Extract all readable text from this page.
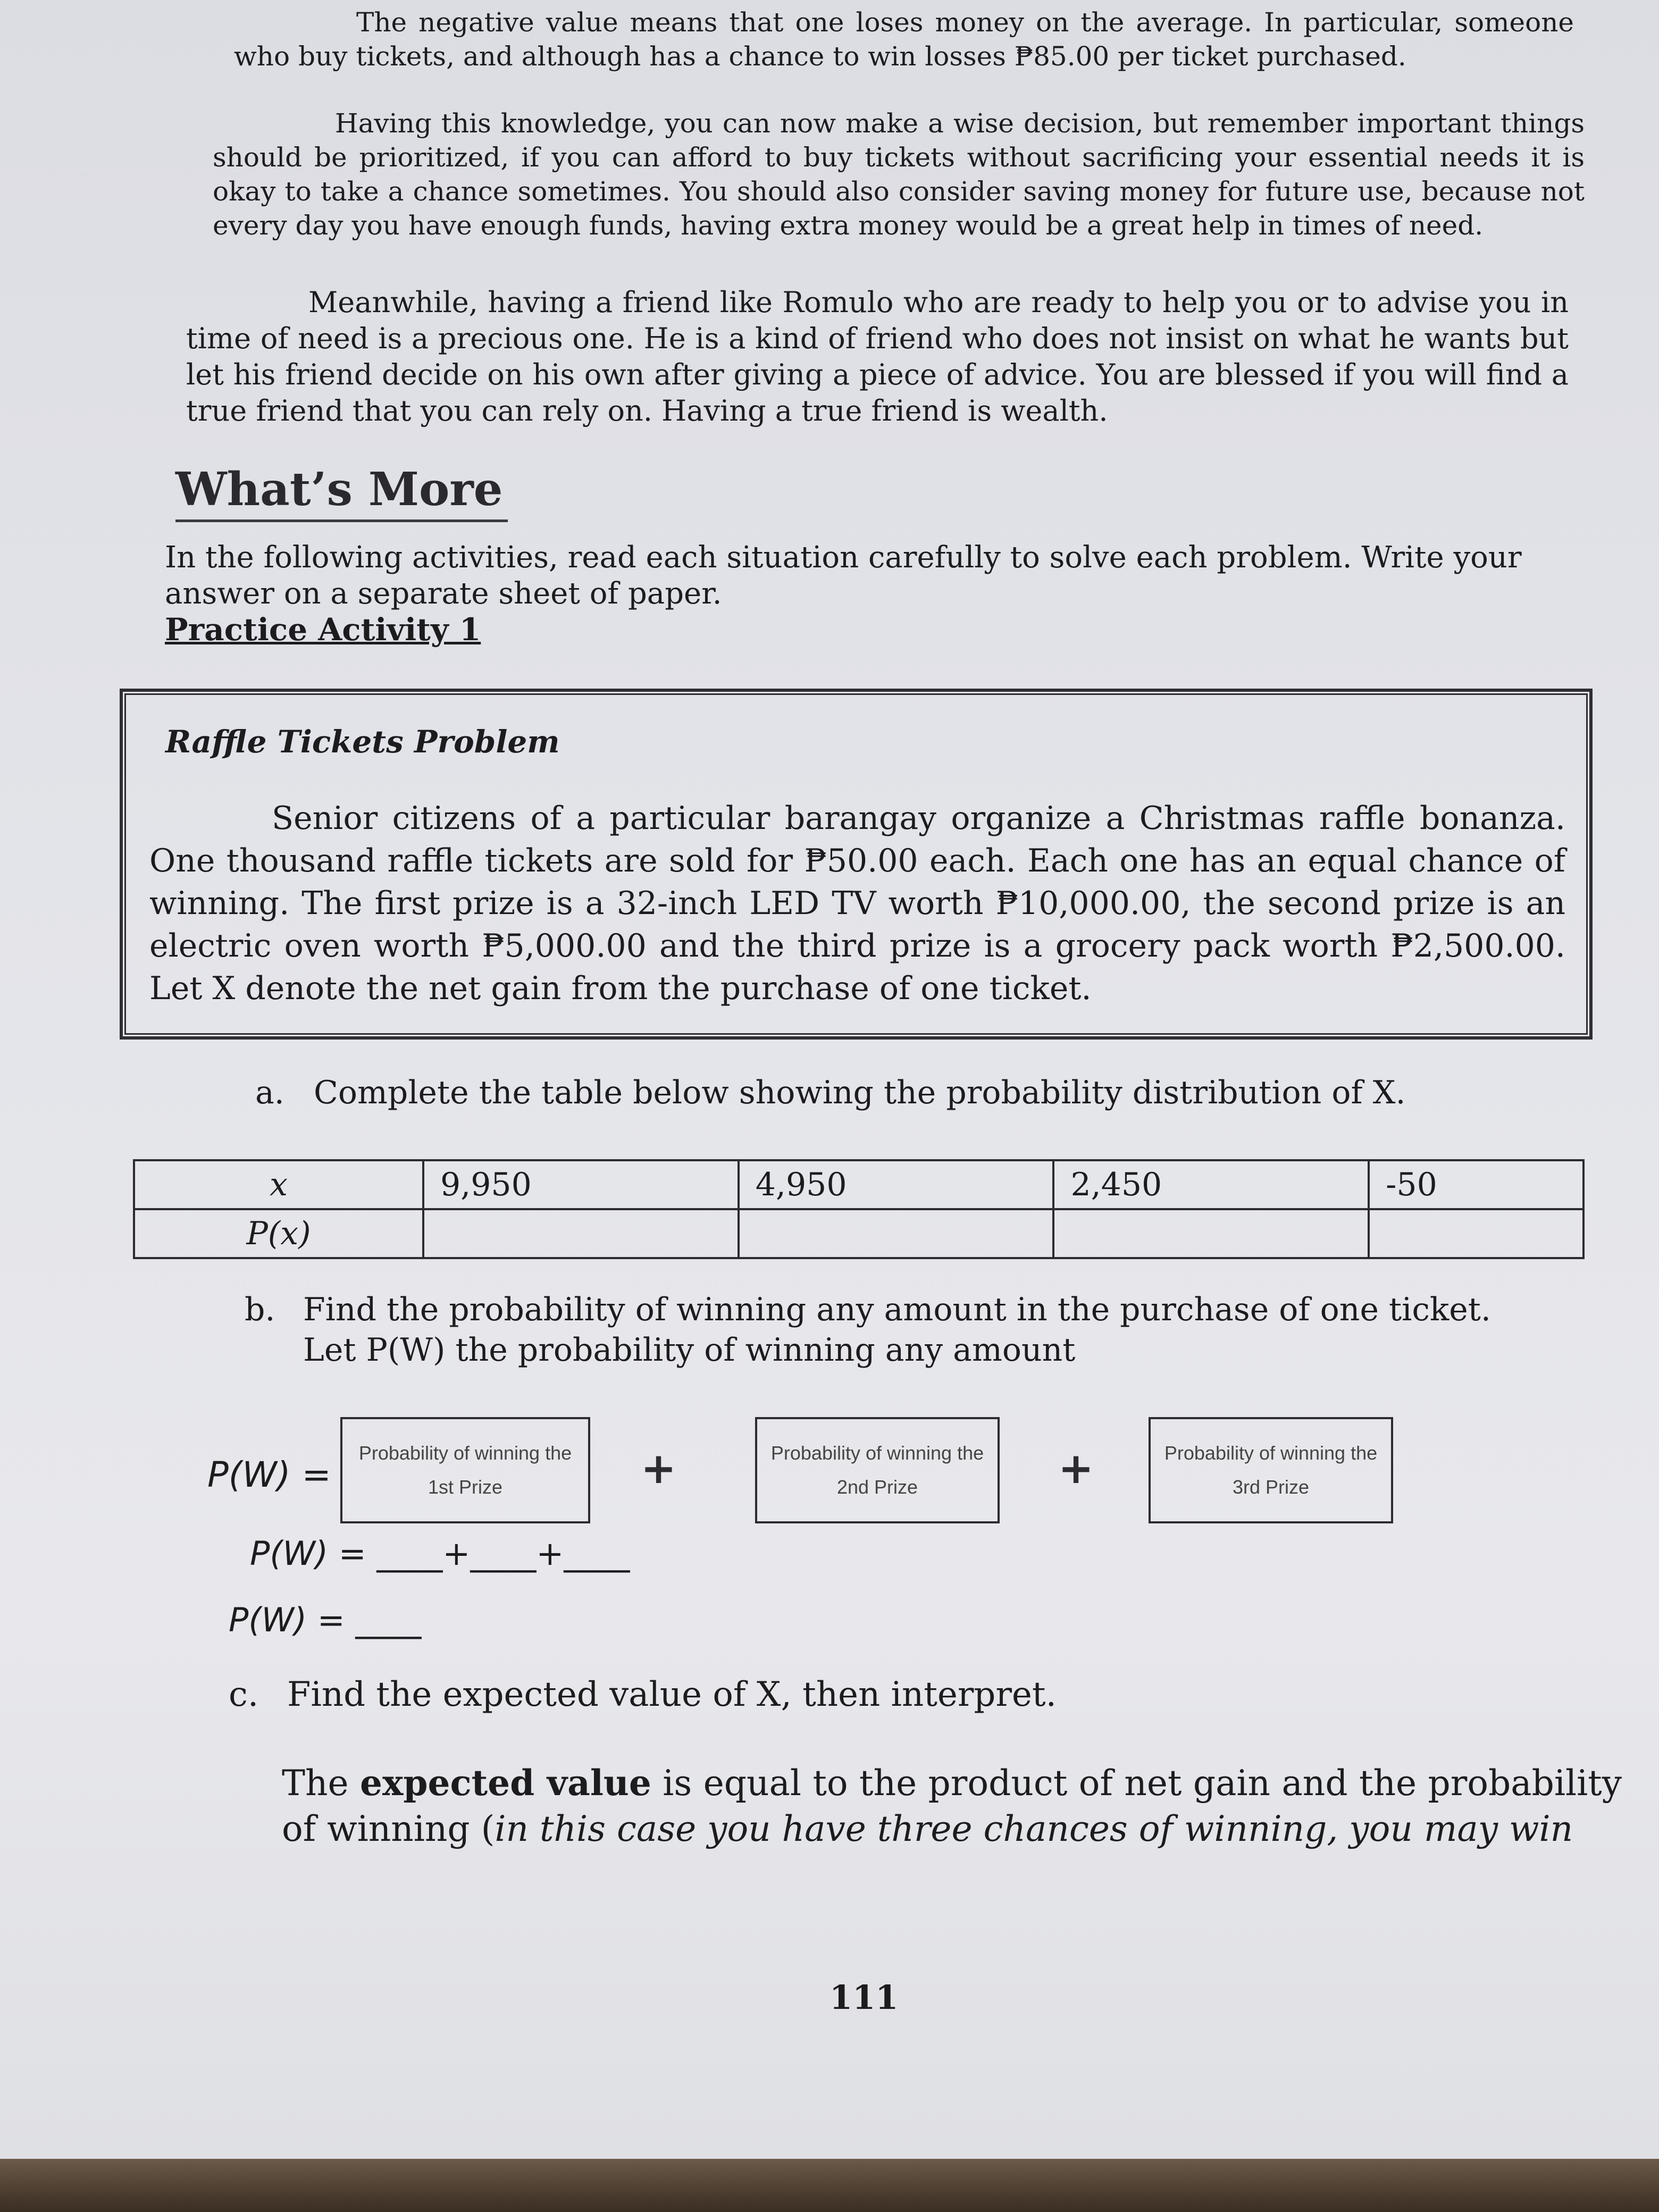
The negative value means that one loses money on the average. In particular, someone who buy tickets, and although has a chance to win losses ₱85.00 per ticket purchased.

Having this knowledge, you can now make a wise decision, but remember important things should be prioritized, if you can afford to buy tickets without sacrificing your essential needs it is okay to take a chance sometimes. You should also consider saving money for future use, because not every day you have enough funds, having extra money would be a great help in times of need.

Meanwhile, having a friend like Romulo who are ready to help you or to advise you in time of need is a precious one. He is a kind of friend who does not insist on what he wants but let his friend decide on his own after giving a piece of advice. You are blessed if you will find a true friend that you can rely on. Having a true friend is wealth.

What’s More

In the following activities, read each situation carefully to solve each problem. Write your answer on a separate sheet of paper.

Practice Activity 1
Raffle Tickets Problem

Senior citizens of a particular barangay organize a Christmas raffle bonanza. One thousand raffle tickets are sold for ₱50.00 each. Each one has an equal chance of winning. The first prize is a 32-inch LED TV worth ₱10,000.00, the second prize is an electric oven worth ₱5,000.00 and the third prize is a grocery pack worth ₱2,500.00. Let X denote the net gain from the purchase of one ticket.

a. Complete the table below showing the probability distribution of X.
x	9,950	4,950	2,450	-50
P(x)				
b. Find the probability of winning any amount in the purchase of one ticket.
Let P(W) the probability of winning any amount
P(W) =
Probability of winning the 1st Prize	+	Probability of winning the 2nd Prize	+	Probability of winning the 3rd Prize
P(W) = ____+____+____
P(W) = ____
c. Find the expected value of X, then interpret.

The expected value is equal to the product of net gain and the probability of winning (in this case you have three chances of winning, you may win

111
